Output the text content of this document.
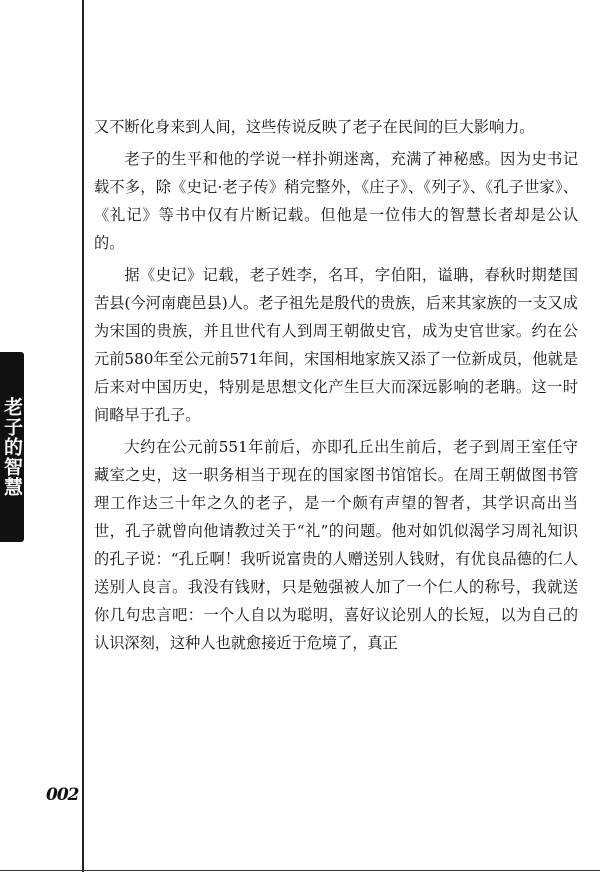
老子的智慧

又不断化身来到人间，这些传说反映了老子在民间的巨大影响力。

老子的生平和他的学说一样扑朔迷离，充满了神秘感。因为史书记载不多，除《史记·老子传》稍完整外，《庄子》、《列子》、《孔子世家》、《礼记》等书中仅有片断记载。但他是一位伟大的智慧长者却是公认的。

据《史记》记载，老子姓李，名耳，字伯阳，谥聃，春秋时期楚国苦县(今河南鹿邑县)人。老子祖先是殷代的贵族，后来其家族的一支又成为宋国的贵族，并且世代有人到周王朝做史官，成为史官世家。约在公元前580年至公元前571年间，宋国相地家族又添了一位新成员，他就是后来对中国历史，特别是思想文化产生巨大而深远影响的老聃。这一时间略早于孔子。

大约在公元前551年前后，亦即孔丘出生前后，老子到周王室任守藏室之史，这一职务相当于现在的国家图书馆馆长。在周王朝做图书管理工作达三十年之久的老子，是一个颇有声望的智者，其学识高出当世，孔子就曾向他请教过关于“礼”的问题。他对如饥似渴学习周礼知识的孔子说：“孔丘啊！我听说富贵的人赠送别人钱财，有优良品德的仁人送别人良言。我没有钱财，只是勉强被人加了一个仁人的称号，我就送你几句忠言吧：一个人自以为聪明，喜好议论别人的长短，以为自己的认识深刻，这种人也就愈接近于危境了，真正

002
